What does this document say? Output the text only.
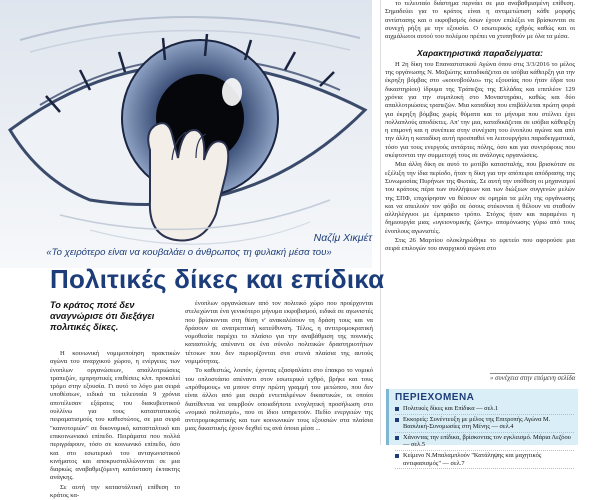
Ναζίμ Χικμέτ
«Το χειρότερο είναι να κουβαλάει ο άνθρωπος τη φυλακή μέσα του»
Πολιτικές δίκες και επίδικα
Το κράτος ποτέ δεν αναγνώρισε ότι διεξάγει πολιτικές δίκες.

Η κοινωνική νομιμοποίηση πρακτικών αγώνα του αναρχικού χώρου, η ενέργειες των ένοπλων οργανώσεων, απαλλοτριώσεις τραπεζών, εμπρηστικές επιθέσεις κλπ. προκαλεί τρόμο στην εξουσία. Γι αυτό το λόγο μια σειρά υποθέσεων, ειδικά τα τελευταία 9 χρόνια αποτέλεσαν εξάρσεις του διακυβευτικού ουλλίνω για τους καταστατικούς πειραματισμούς του καθεστώτος, σε μια σειρά "καινοτομιών" σε δικονομικό, κατασταλτικό και επικοινωνιακό επίπεδο. Πειράματα που πολλά περιγράφουν, τόσο σε κοινωνικό επίπεδο, όσο και στο εσωτερικό του ανταγωνιστικού κινήματος και αποκρυσταλλώνονται σε μια διαρκώς αναβαθμιζόμενη κατάσταση έκτακτης ανάγκης.

Σε αυτή την καταστάλτική επίθεση το κράτος κα-

ένοπλων οργανώσεων από τον πολιτικό χώρο που προέρχονται στελεχώνται ένα γενικότερο μήνυμα εκφοβισμού, ειδικά σε αγωνιστές που βρίσκονται στη θέση ν' ανακαλέσουν τη δράση τους και να δράσουν σε ανατρεπτική κατεύθυνση. Τέλος, η αντιτρομοκρατική νομοθεσία παρέχει το πλαίσιο για την αναβάθμιση της ποινικής καταστολής απέναντι σε ένα σύνολο πολιτικών δραστηριοτήτων τέτοιων που δεν περιορίζονται στα στενά πλαίσια της αυτούς νομιμότητας.

Το καθεστώς, λοιπόν, έχοντας εξασφαλίσει στο έπακρο το νομικό του οπλοστάσιο απέναντι στον εσωτερικό εχθρό, βρήκε και τους «πρόθυμους» να μπουν στην πρώτη γραμμή του μετώπου, που δεν είναι άλλοι από μια σειρά εντεταλμένων δικαστικών, οι οποίοι διατίθενται να υπερβούν οποιαδήποτε ενοχλητική προσήλωση στο «νομικό πολιτισμό», που οι ίδιοι υπηρετούν. Πεδίο ενεργειών της αντιτρομοκρατικής και των κοινωνικών τους εξουσιών στα πλαίσια μιας δικαστικής έχουν δεχθεί τις ανά όποια μέσα ...

το τελευταίο διάστημα περνάει σε μια αναβαθμισμένη επίθεση. Σημαδεύει για το κράτος είναι η αντιμετώπιση κάθε μορφής αντίστασης και ο εκφοβισμός όσων έχουν επιλέξει να βρίσκονται σε συνεχή ρήξη με την εξουσία. Ο εσωτερικός εχθρός καθώς και οι αιχμάλωτοι αυτού του πολέμου πρέπει να χτυπηθούν με όλα τα μέσα.

Χαρακτηριστικά παραδείγματα:

Η 2η δίκη του Επαναστατικού Αγώνα όπου στις 3/3/2016 το μέλος της οργάνωσης Ν. Μαζιώτης καταδικάζεται σε ισόβια κάθειρξη για την έκρηξη βόμβας στο «κοινοβούλιο» της εξουσίας που ήταν έδρα του δικαστηρίου) ίδρυμα της Τράπεζας της Ελλάδας και επιπλέον 129 χρόνια για την συμπλοκή στο Μοναστηράκι, καθώς και δύο απαλλοτριώσεις τραπεζών. Μια καταδίκη που επιβάλλεται πρώτη φορά για έκρηξη βόμβας χωρίς θύματα και το μήνυμα που στέλνει έχει πολλαπλούς αποδέκτες. Απ' την μια, καταδικάζεται σε ισόβια κάθειρξη η επιμονή και η συνέπεια στην συνέχιση του ένοπλου αγώνα και από την άλλη η καταδίκη αυτή προσπαθεί να λειτουργήσει παραδειγματικά, τόσο για τους ενεργούς αντάρτες πόλης, όσο και για συντρόφους που σκέφτονται την συμμετοχή τους σε ανάλογες οργανώσεις.

Μια άλλη δίκη σε αυτό το μοτίβο κατασταλής, που βρισκόταν σε εξέλιξη την ίδια περίοδο, ήταν η δίκη για την απόπειρα απόδρασης της Συνωμοσίας Πυρήνων της Φωτιάς. Σε αυτή την υπόθεση οι μηχανισμοί του κράτους πέρα των συλλήψεων και των διώξεων συγγενών μελών της ΣΠΦ, επιχείρησαν να θέσουν σε ομηρία τα μέλη της οργάνωσης και να απειλούν τον φόβο σε όσους στέκονται ή θέλουν να σταθούν αλληλέγγυοι με έμπρακτο τρόπο. Στόχος ήταν και παραμένει η δημιουργία μιας «υγειονομικής ζώνης» απομόνωσης γύρω από τους ένοπλους αγωνιστές.

Στις 26 Μαρτίου ολοκληρώθηκε το εφετείο που αφορούσε μια σειρά επιλογών του αναρχικού αγώνα στο

» συνέχεια στην επόμενη σελίδα
ΠΕΡΙΕΧΟΜΕΝΑ
Πολιτικές δίκες και Επίδικα — σελ.1
Εκκορείς: Συνέντευξη με μέλος της Επιτροπής Αγώνα Μ. Βασιλική-Συνομωσίες στη Μένης — σελ.4
Χάνοντας την επίδικα, βρίσκοντας τον εγκλεισμό. Μάρια Λεζόου — σελ.5
Κείμενο Ν.Μπαλαμπλούν "Κατάληψης και μαχητικός αντιφασισμός" — σελ.7
